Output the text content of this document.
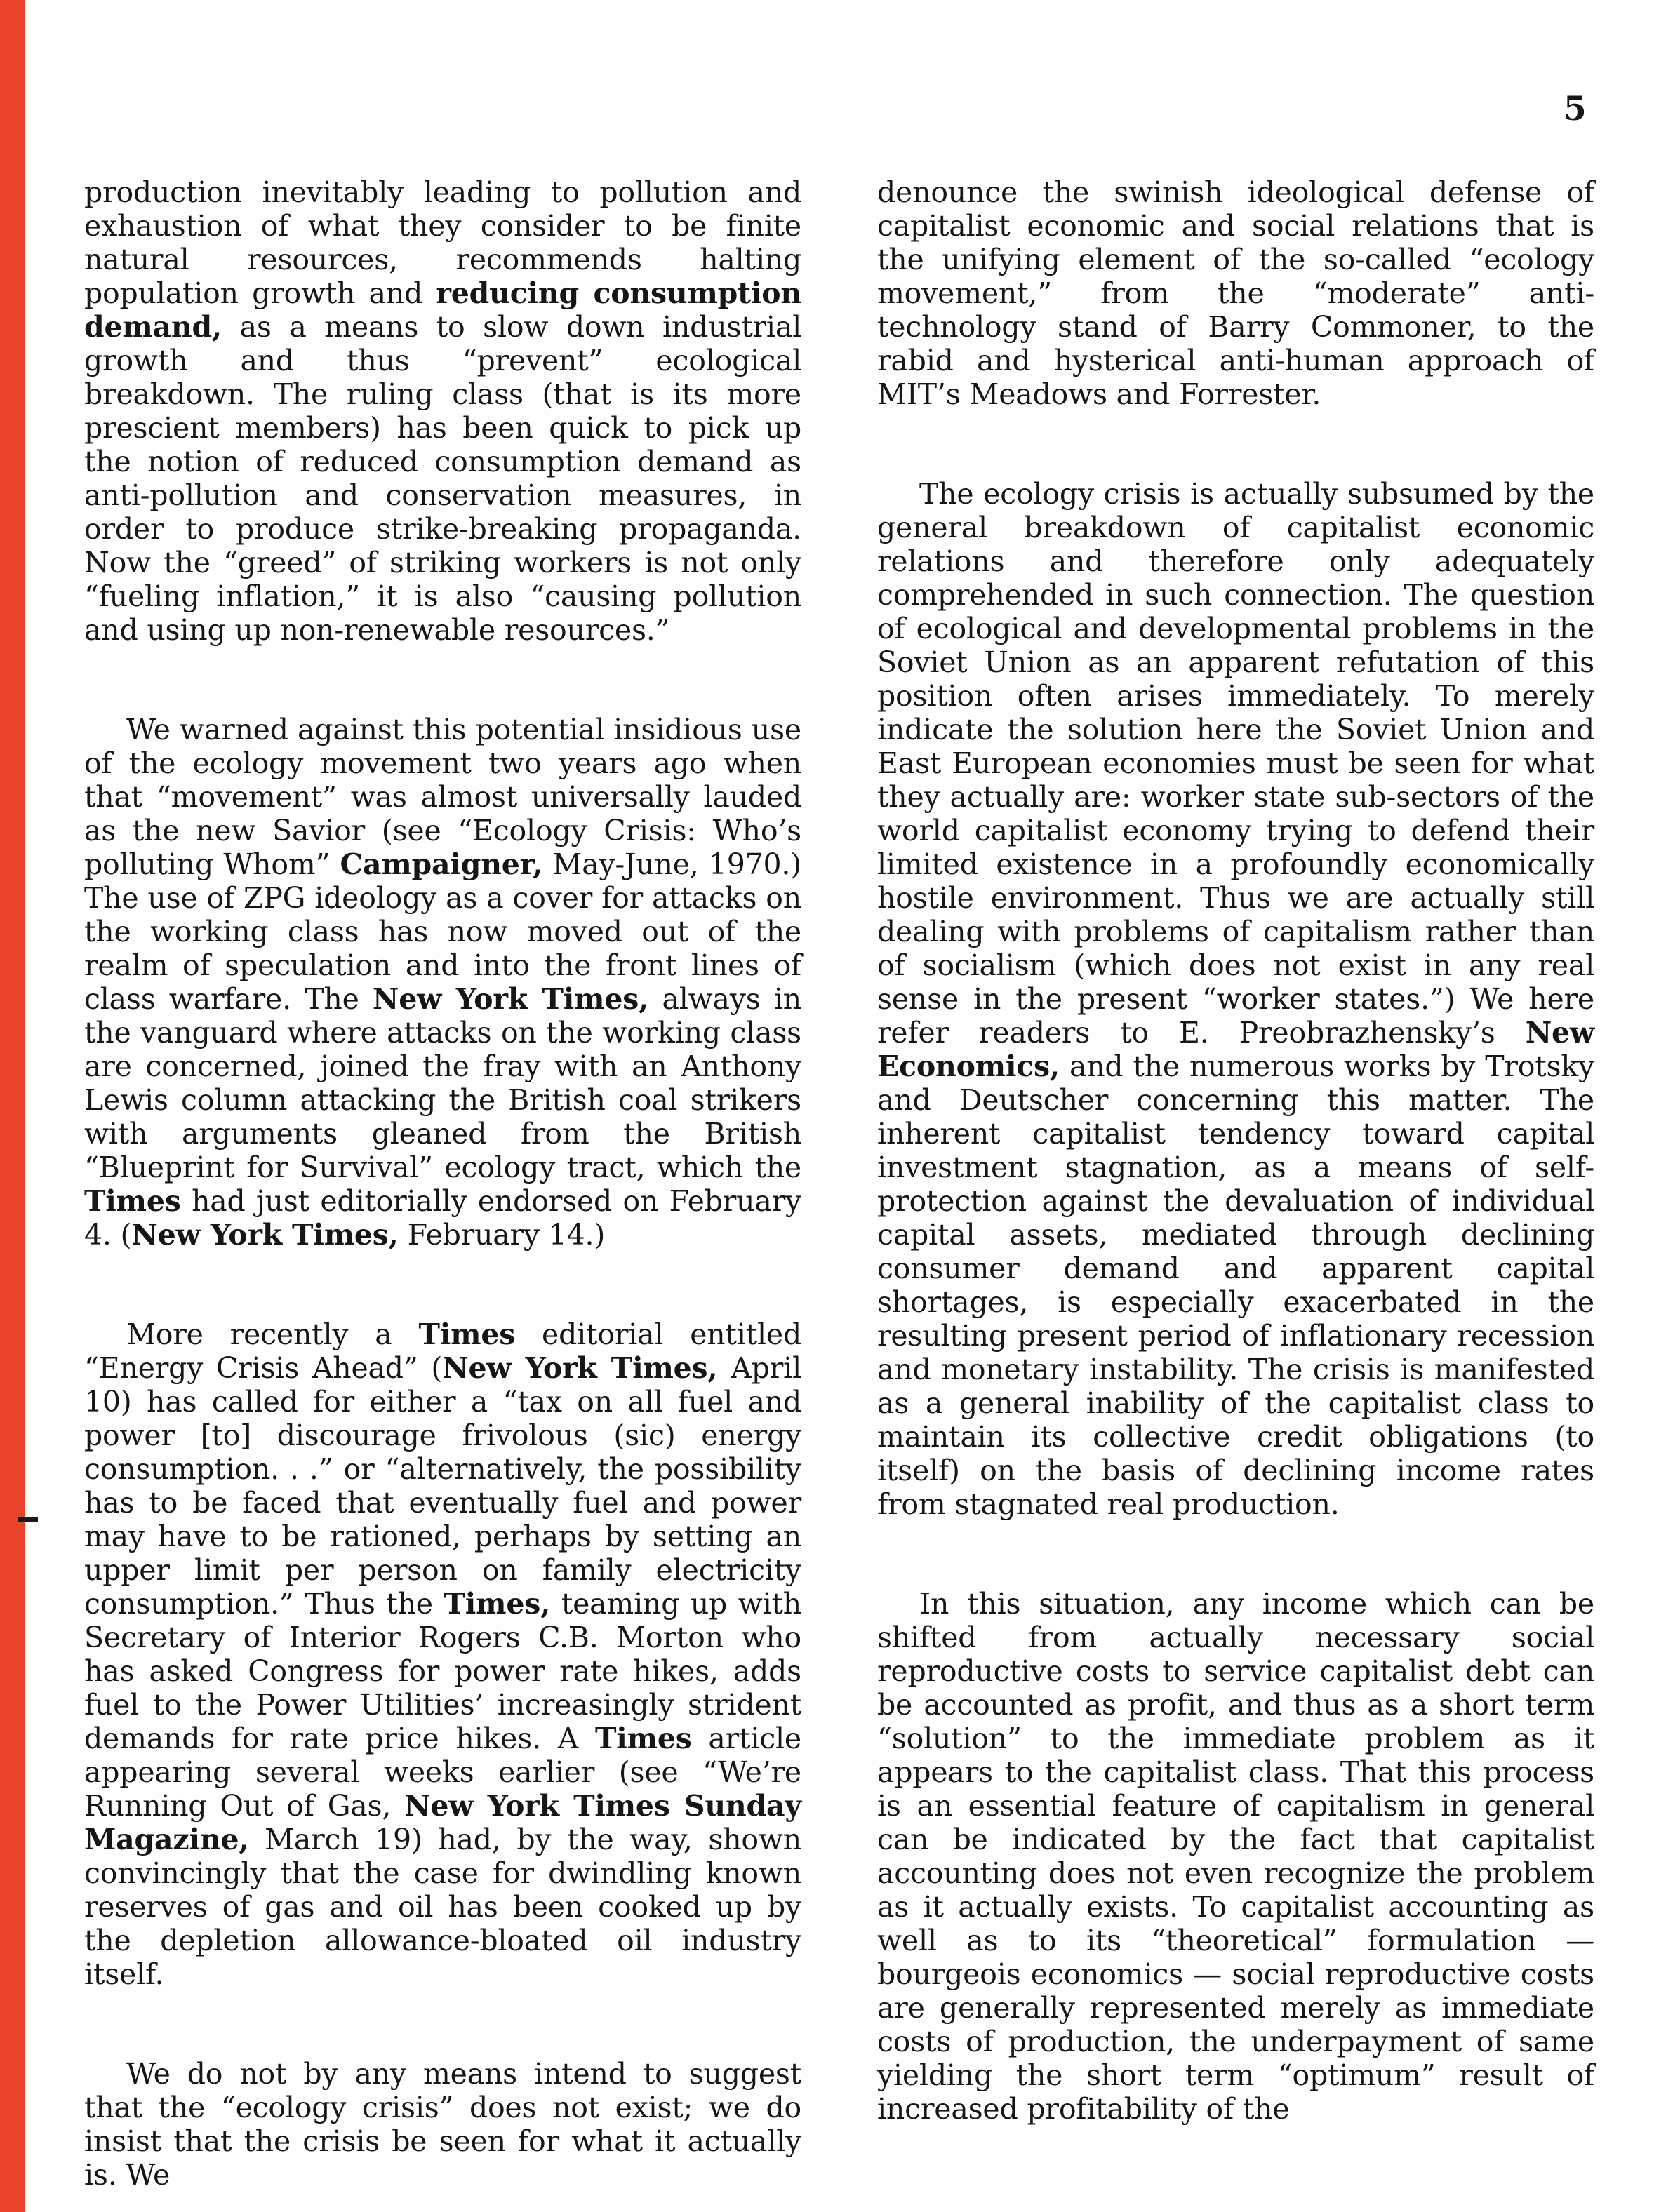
5

production inevitably leading to pollution and exhaustion of what they consider to be finite natural resources, recommends halting population growth and reducing consumption demand, as a means to slow down industrial growth and thus “prevent” ecological breakdown. The ruling class (that is its more prescient members) has been quick to pick up the notion of reduced consumption demand as anti-pollution and conservation measures, in order to produce strike-breaking propaganda. Now the “greed” of striking workers is not only “fueling inflation,” it is also “causing pollution and using up non-renewable resources.”

We warned against this potential insidious use of the ecology movement two years ago when that “movement” was almost universally lauded as the new Savior (see “Ecology Crisis: Who’s polluting Whom” Campaigner, May-June, 1970.) The use of ZPG ideology as a cover for attacks on the working class has now moved out of the realm of speculation and into the front lines of class warfare. The New York Times, always in the vanguard where attacks on the working class are concerned, joined the fray with an Anthony Lewis column attacking the British coal strikers with arguments gleaned from the British “Blueprint for Survival” ecology tract, which the Times had just editorially endorsed on February 4. (New York Times, February 14.)

More recently a Times editorial entitled “Energy Crisis Ahead” (New York Times, April 10) has called for either a “tax on all fuel and power [to] discourage frivolous (sic) energy consumption. . .” or “alternatively, the possibility has to be faced that eventually fuel and power may have to be rationed, perhaps by setting an upper limit per person on family electricity consumption.” Thus the Times, teaming up with Secretary of Interior Rogers C.B. Morton who has asked Congress for power rate hikes, adds fuel to the Power Utilities’ increasingly strident demands for rate price hikes. A Times article appearing several weeks earlier (see “We’re Running Out of Gas, New York Times Sunday Magazine, March 19) had, by the way, shown convincingly that the case for dwindling known reserves of gas and oil has been cooked up by the depletion allowance-bloated oil industry itself.

We do not by any means intend to suggest that the “ecology crisis” does not exist; we do insist that the crisis be seen for what it actually is. We

denounce the swinish ideological defense of capitalist economic and social relations that is the unifying element of the so-called “ecology movement,” from the “moderate” anti-technology stand of Barry Commoner, to the rabid and hysterical anti-human approach of MIT’s Meadows and Forrester.

The ecology crisis is actually subsumed by the general breakdown of capitalist economic relations and therefore only adequately comprehended in such connection. The question of ecological and developmental problems in the Soviet Union as an apparent refutation of this position often arises immediately. To merely indicate the solution here the Soviet Union and East European economies must be seen for what they actually are: worker state sub-sectors of the world capitalist economy trying to defend their limited existence in a profoundly economically hostile environment. Thus we are actually still dealing with problems of capitalism rather than of socialism (which does not exist in any real sense in the present “worker states.”) We here refer readers to E. Preobrazhensky’s New Economics, and the numerous works by Trotsky and Deutscher concerning this matter. The inherent capitalist tendency toward capital investment stagnation, as a means of self-protection against the devaluation of individual capital assets, mediated through declining consumer demand and apparent capital shortages, is especially exacerbated in the resulting present period of inflationary recession and monetary instability. The crisis is manifested as a general inability of the capitalist class to maintain its collective credit obligations (to itself) on the basis of declining income rates from stagnated real production.

In this situation, any income which can be shifted from actually necessary social reproductive costs to service capitalist debt can be accounted as profit, and thus as a short term “solution” to the immediate problem as it appears to the capitalist class. That this process is an essential feature of capitalism in general can be indicated by the fact that capitalist accounting does not even recognize the problem as it actually exists. To capitalist accounting as well as to its “theoretical” formulation — bourgeois economics — social reproductive costs are generally represented merely as immediate costs of production, the underpayment of same yielding the short term “optimum” result of increased profitability of the
